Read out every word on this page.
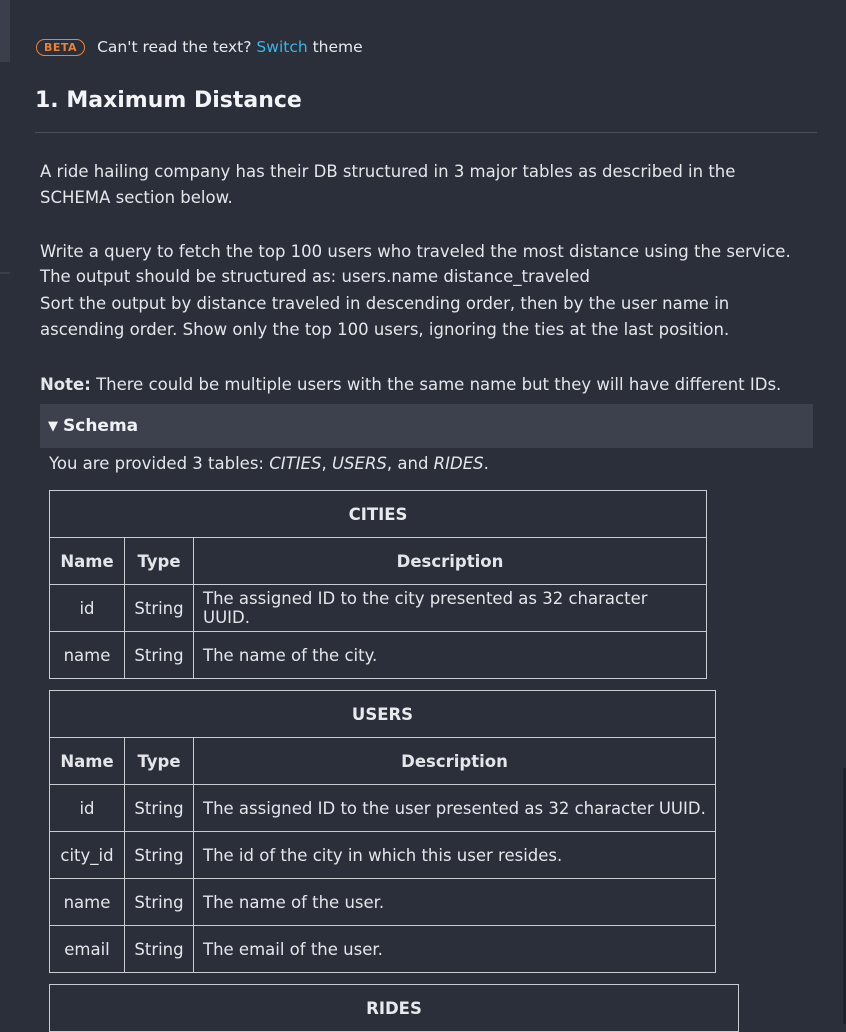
BETA	Can't read the text? Switch theme
1. Maximum Distance

A ride hailing company has their DB structured in 3 major tables as described in the SCHEMA section below.

Write a query to fetch the top 100 users who traveled the most distance using the service.

The output should be structured as: users.name distance_traveled

Sort the output by distance traveled in descending order, then by the user name in ascending order. Show only the top 100 users, ignoring the ties at the last position.

Note: There could be multiple users with the same name but they will have different IDs.

▼ Schema
You are provided 3 tables: CITIES, USERS, and RIDES.
CITIES		
Name	Type	Description
id	String	The assigned ID to the city presented as 32 character UUID.
name	String	The name of the city.
USERS		
Name	Type	Description
id	String	The assigned ID to the user presented as 32 character UUID.
city_id	String	The id of the city in which this user resides.
name	String	The name of the user.
email	String	The email of the user.
RIDES
